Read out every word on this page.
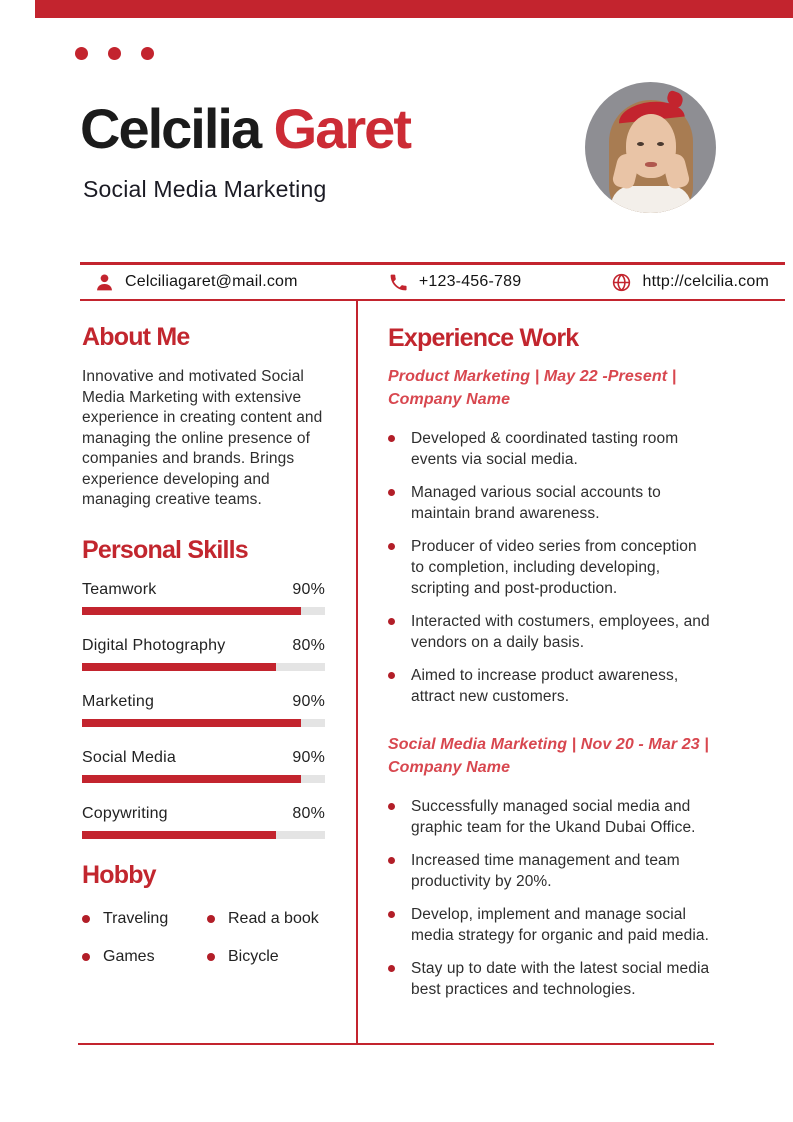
Celcilia Garet
Social Media Marketing
Celciliagaret@mail.com	+123-456-789	http://celcilia.com
About Me

Innovative and motivated Social Media Marketing with extensive experience in creating content and managing the online presence of companies and brands. Brings experience developing and managing creative teams.

Personal Skills
Teamwork	90%
Digital Photography	80%
Marketing	90%
Social Media	90%
Copywriting	80%
Hobby
Traveling	Read a book
Games	Bicycle
Experience Work
Product Marketing | May 22 -Present | Company Name
Developed & coordinated tasting room events via social media.
Managed various social accounts to maintain brand awareness.
Producer of video series from conception to completion, including developing, scripting and post-production.
Interacted with costumers, employees, and vendors on a daily basis.
Aimed to increase product awareness, attract new customers.
Social Media Marketing | Nov 20 - Mar 23 | Company Name
Successfully managed social media and graphic team for the Ukand Dubai Office.
Increased time management and team productivity by 20%.
Develop, implement and manage social media strategy for organic and paid media.
Stay up to date with the latest social media best practices and technologies.
